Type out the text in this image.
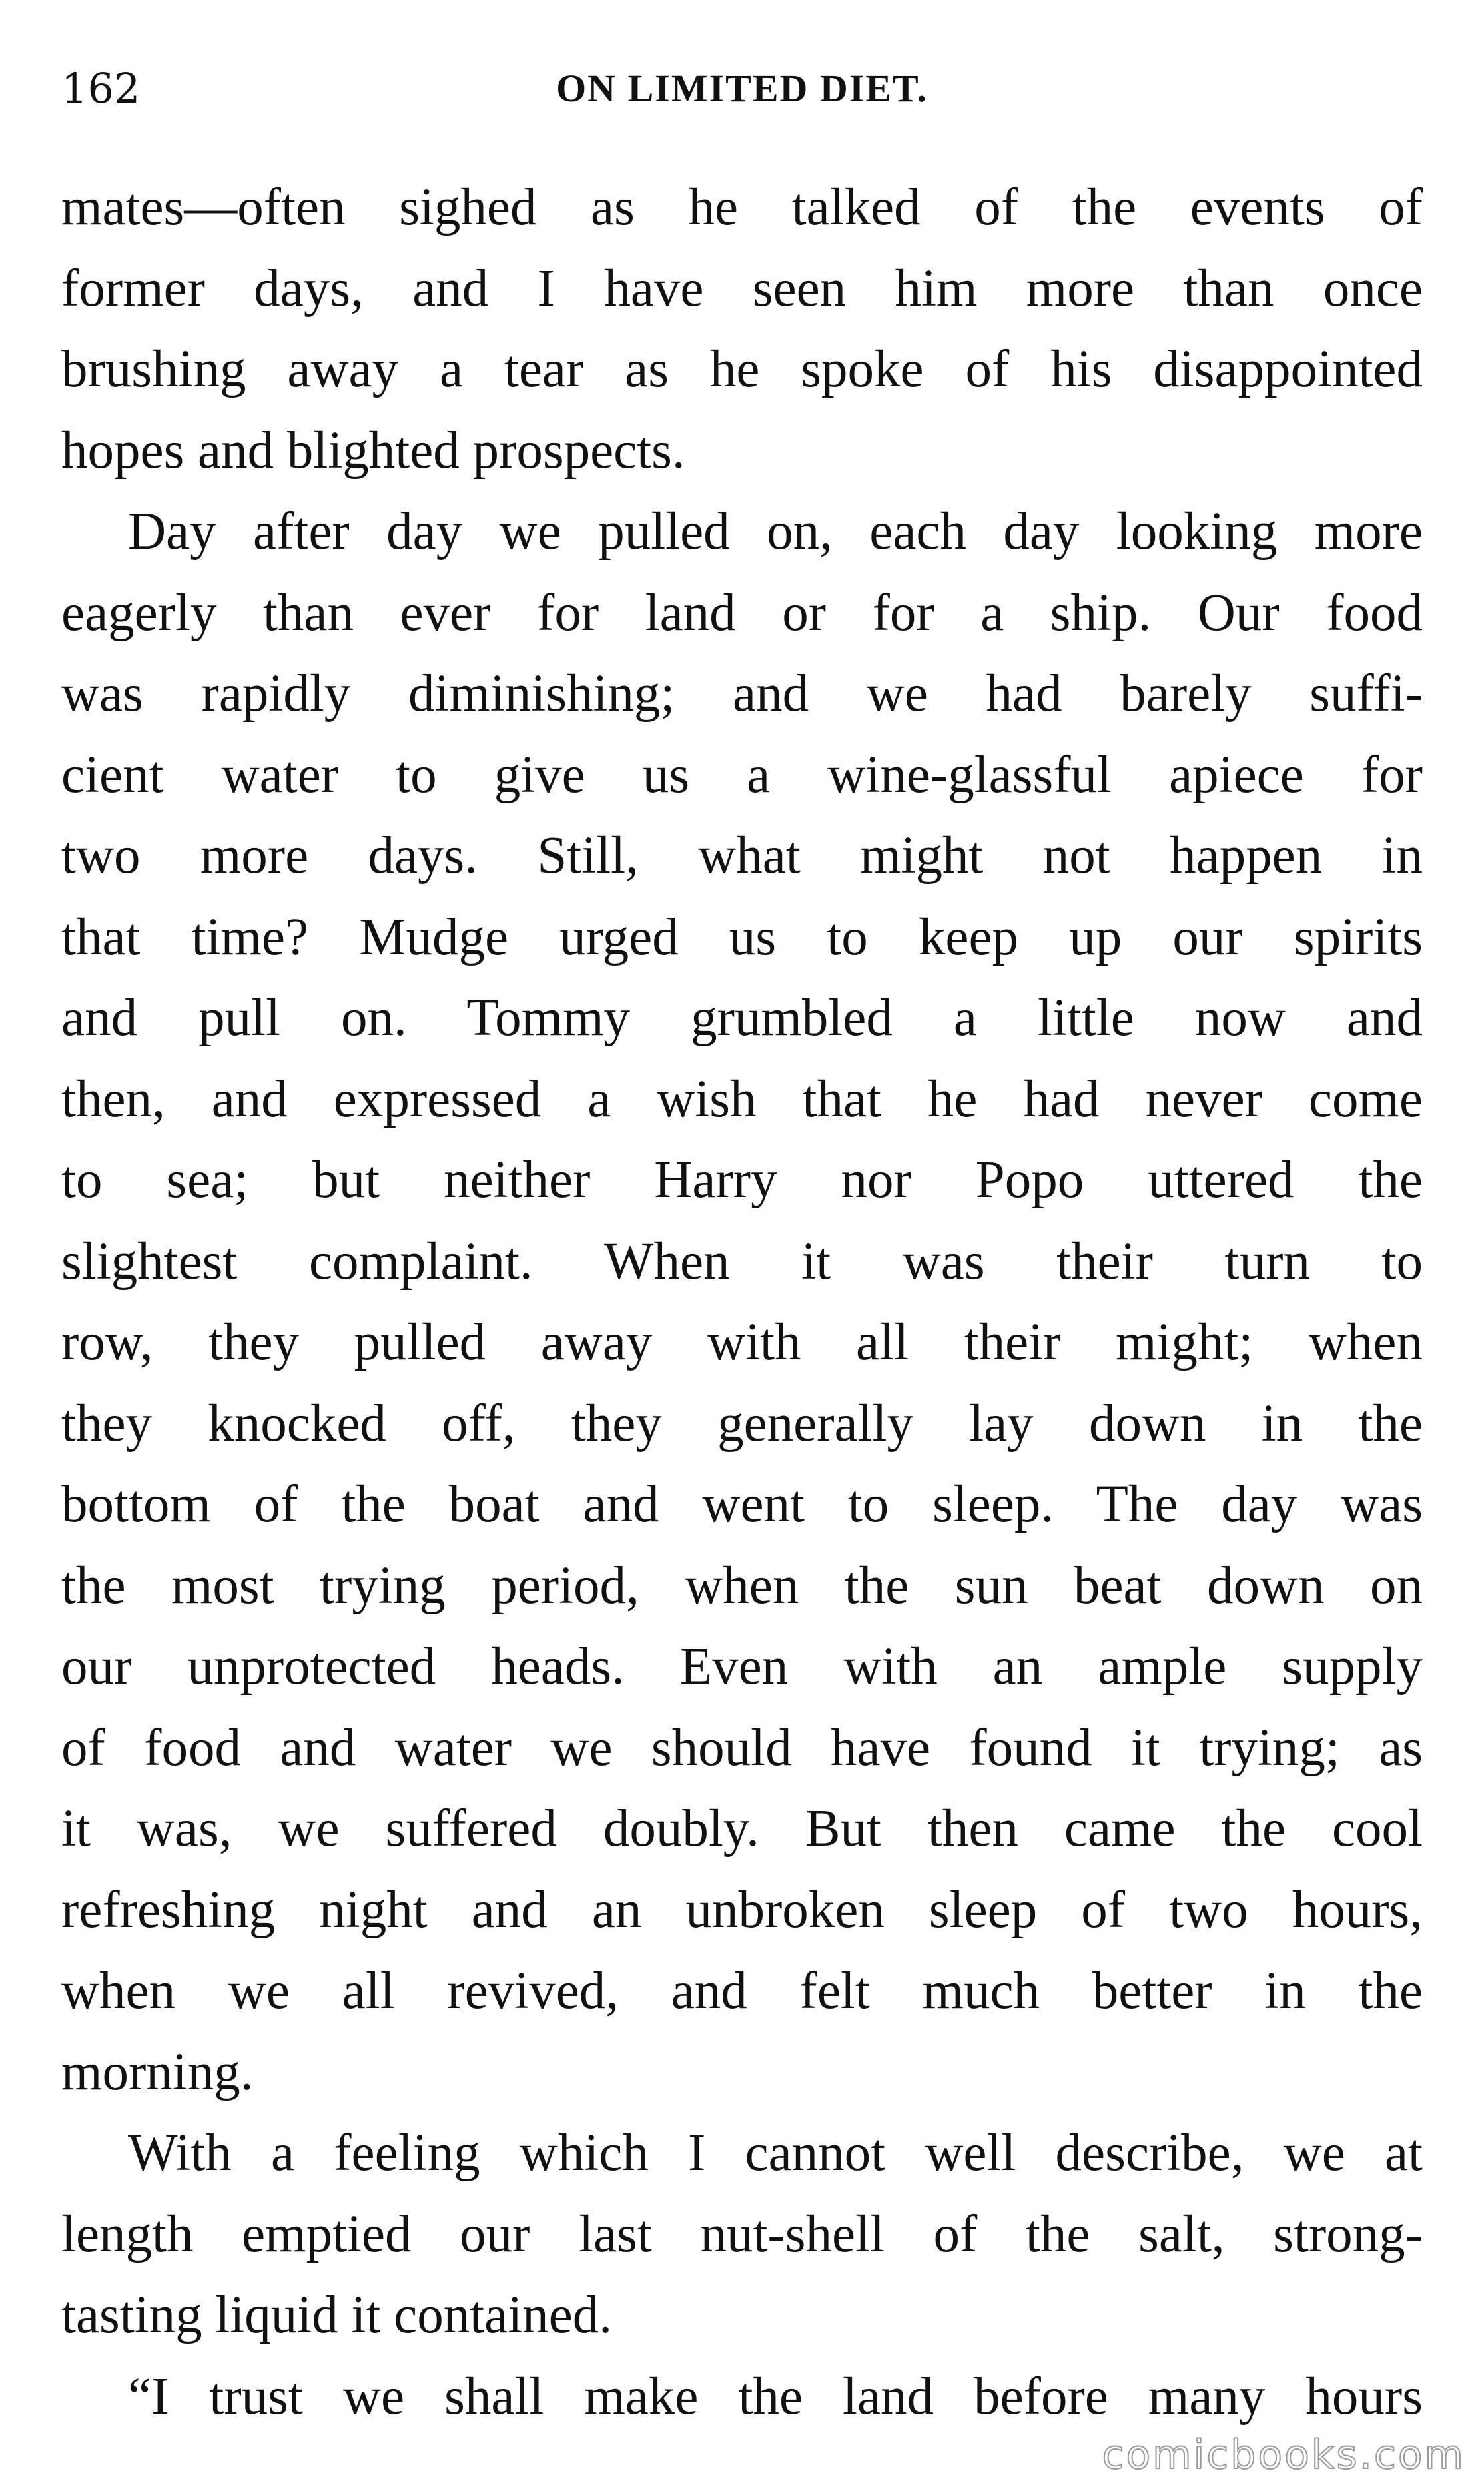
162	ON LIMITED DIET.
mates—often sighed as he talked of the events of
former days, and I have seen him more than once
brushing away a tear as he spoke of his disappointed
hopes and blighted prospects.
Day after day we pulled on, each day looking more
eagerly than ever for land or for a ship. Our food
was rapidly diminishing; and we had barely suffi-
cient water to give us a wine-glassful apiece for
two more days. Still, what might not happen in
that time? Mudge urged us to keep up our spirits
and pull on. Tommy grumbled a little now and
then, and expressed a wish that he had never come
to sea; but neither Harry nor Popo uttered the
slightest complaint. When it was their turn to
row, they pulled away with all their might; when
they knocked off, they generally lay down in the
bottom of the boat and went to sleep. The day was
the most trying period, when the sun beat down on
our unprotected heads. Even with an ample supply
of food and water we should have found it trying; as
it was, we suffered doubly. But then came the cool
refreshing night and an unbroken sleep of two hours,
when we all revived, and felt much better in the
morning.
With a feeling which I cannot well describe, we at
length emptied our last nut-shell of the salt, strong-
tasting liquid it contained.
“I trust we shall make the land before many hours
comicbooks.com
